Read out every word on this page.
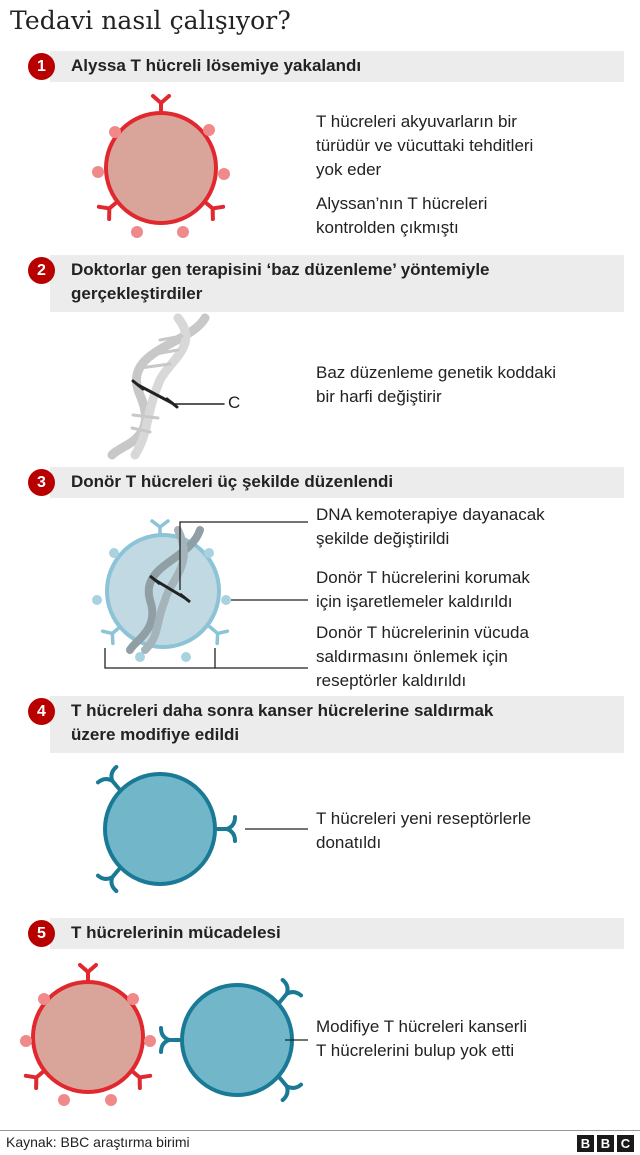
Tedavi nasıl çalışıyor?
1	Alyssa T hücreli lösemiye yakalandı
T hücreleri akyuvarların bir
türüdür ve vücuttaki tehditleri
yok eder
Alyssan’nın T hücreleri
kontrolden çıkmıştı
2	Doktorlar gen terapisini ‘baz düzenleme’ yöntemiyle
gerçekleştirdiler
Baz düzenleme genetik koddaki
bir harfi değiştirir
C
3	Donör T hücreleri üç şekilde düzenlendi
DNA kemoterapiye dayanacak
şekilde değiştirildi
Donör T hücrelerini korumak
için işaretlemeler kaldırıldı
Donör T hücrelerinin vücuda
saldırmasını önlemek için
reseptörler kaldırıldı
4	T hücreleri daha sonra kanser hücrelerine saldırmak
üzere modifiye edildi
T hücreleri yeni reseptörlerle
donatıldı
5	T hücrelerinin mücadelesi
Modifiye T hücreleri kanserli
T hücrelerini bulup yok etti
Kaynak: BBC araştırma birimi	B B C
